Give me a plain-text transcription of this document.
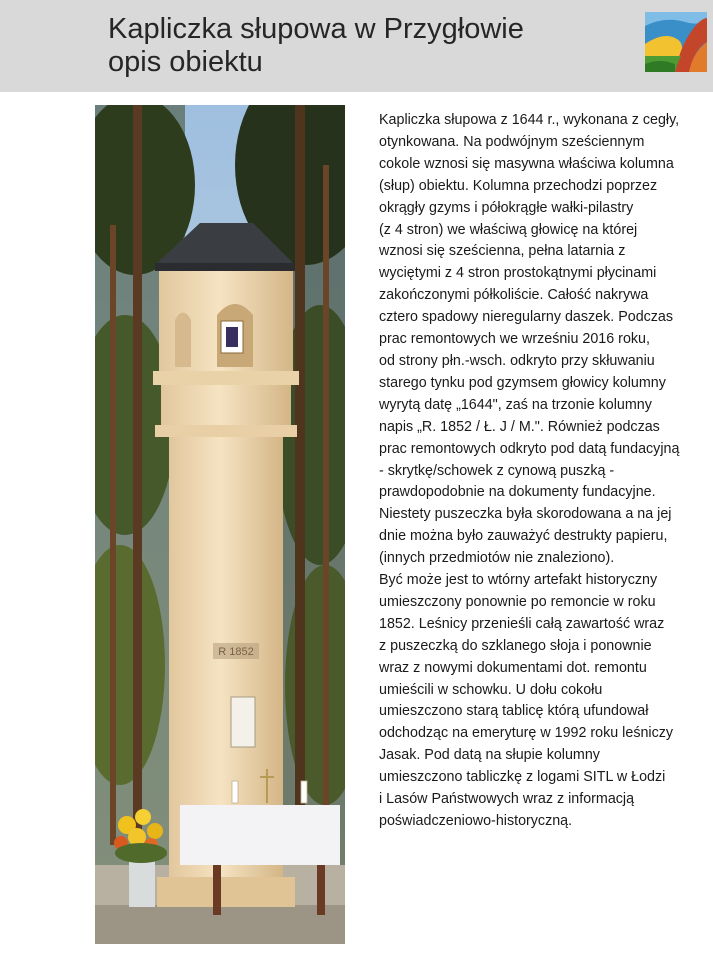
Kapliczka słupowa w Przygłowie
opis obiektu
R 1852
Kapliczka słupowa z 1644 r., wykonana z cegły,
otynkowana. Na podwójnym sześciennym
cokole wznosi się masywna właściwa kolumna
(słup) obiektu. Kolumna przechodzi poprzez
okrągły gzyms i półokrągłe wałki-pilastry
(z 4 stron) we właściwą głowicę na której
wznosi się sześcienna, pełna latarnia z
wyciętymi z 4 stron prostokątnymi płycinami
zakończonymi półkoliście. Całość nakrywa
cztero spadowy nieregularny daszek. Podczas
prac remontowych we wrześniu 2016 roku,
od strony płn.-wsch. odkryto przy skłuwaniu
starego tynku pod gzymsem głowicy kolumny
wyrytą datę „1644", zaś na trzonie kolumny
napis „R. 1852 / Ł. J / M.". Również podczas
prac remontowych odkryto pod datą fundacyjną
- skrytkę/schowek z cynową puszką -
prawdopodobnie na dokumenty fundacyjne.
Niestety puszeczka była skorodowana a na jej
dnie można było zauważyć destrukty papieru,
(innych przedmiotów nie znaleziono).
Być może jest to wtórny artefakt historyczny
umieszczony ponownie po remoncie w roku
1852. Leśnicy przenieśli całą zawartość wraz
z puszeczką do szklanego słoja i ponownie
wraz z nowymi dokumentami dot. remontu
umieścili w schowku. U dołu cokołu
umieszczono starą tablicę którą ufundował
odchodząc na emeryturę w 1992 roku leśniczy
Jasak. Pod datą na słupie kolumny
umieszczono tabliczkę z logami SITL w Łodzi
i Lasów Państwowych wraz z informacją
poświadczeniowo-historyczną.
